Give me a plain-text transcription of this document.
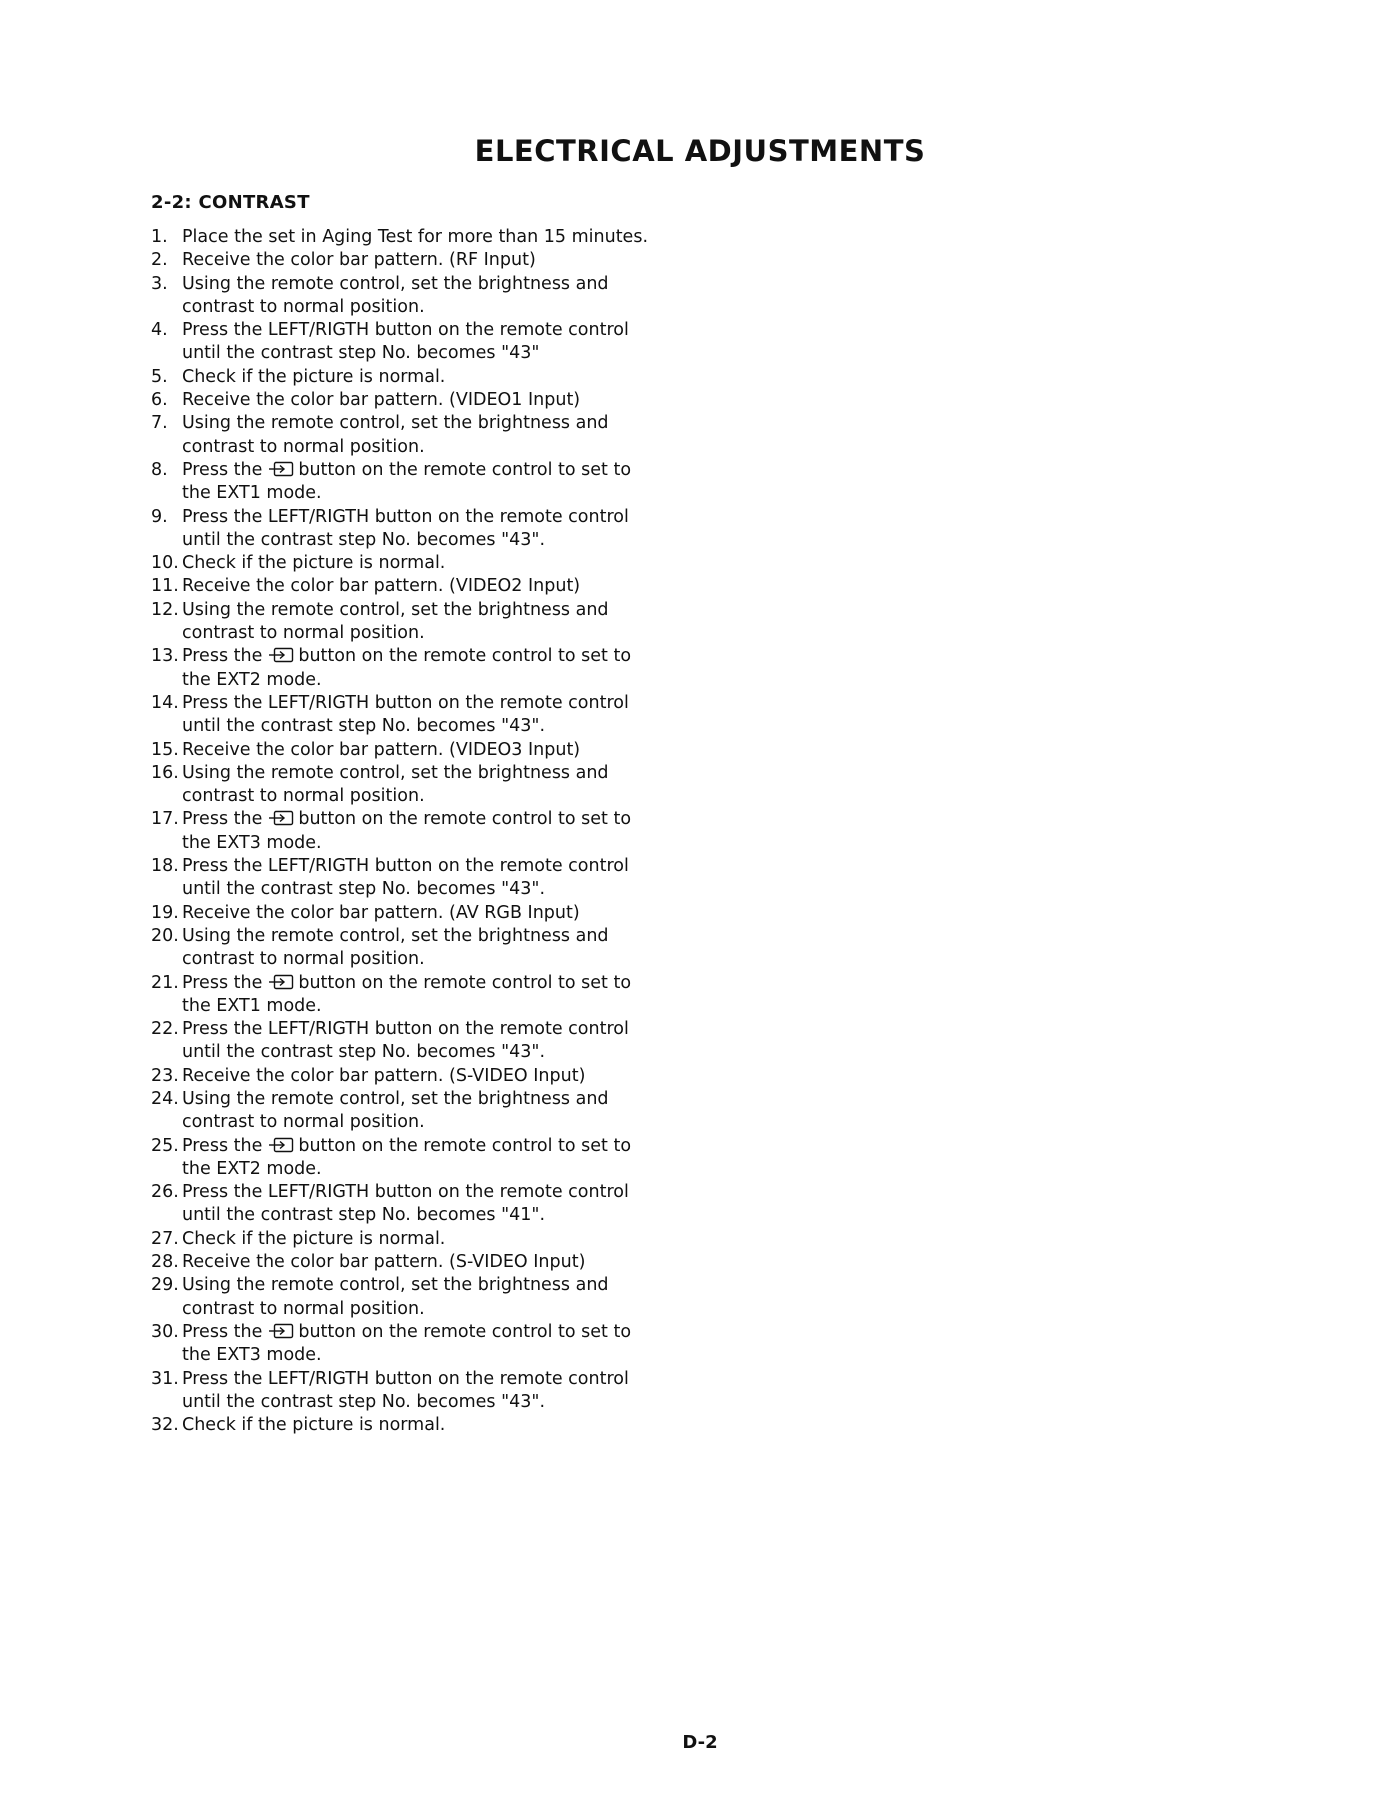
ELECTRICAL ADJUSTMENTS
2-2: CONTRAST
1. Place the set in Aging Test for more than 15 minutes.
2. Receive the color bar pattern. (RF Input)
3. Using the remote control, set the brightness and
contrast to normal position.
4. Press the LEFT/RIGTH button on the remote control
until the contrast step No. becomes "43"
5. Check if the picture is normal.
6. Receive the color bar pattern. (VIDEO1 Input)
7. Using the remote control, set the brightness and
contrast to normal position.
8. Press the button on the remote control to set to
the EXT1 mode.
9. Press the LEFT/RIGTH button on the remote control
until the contrast step No. becomes "43".
10. Check if the picture is normal.
11. Receive the color bar pattern. (VIDEO2 Input)
12. Using the remote control, set the brightness and
contrast to normal position.
13. Press the button on the remote control to set to
the EXT2 mode.
14. Press the LEFT/RIGTH button on the remote control
until the contrast step No. becomes "43".
15. Receive the color bar pattern. (VIDEO3 Input)
16. Using the remote control, set the brightness and
contrast to normal position.
17. Press the button on the remote control to set to
the EXT3 mode.
18. Press the LEFT/RIGTH button on the remote control
until the contrast step No. becomes "43".
19. Receive the color bar pattern. (AV RGB Input)
20. Using the remote control, set the brightness and
contrast to normal position.
21. Press the button on the remote control to set to
the EXT1 mode.
22. Press the LEFT/RIGTH button on the remote control
until the contrast step No. becomes "43".
23. Receive the color bar pattern. (S-VIDEO Input)
24. Using the remote control, set the brightness and
contrast to normal position.
25. Press the button on the remote control to set to
the EXT2 mode.
26. Press the LEFT/RIGTH button on the remote control
until the contrast step No. becomes "41".
27. Check if the picture is normal.
28. Receive the color bar pattern. (S-VIDEO Input)
29. Using the remote control, set the brightness and
contrast to normal position.
30. Press the button on the remote control to set to
the EXT3 mode.
31. Press the LEFT/RIGTH button on the remote control
until the contrast step No. becomes "43".
32. Check if the picture is normal.
D-2
